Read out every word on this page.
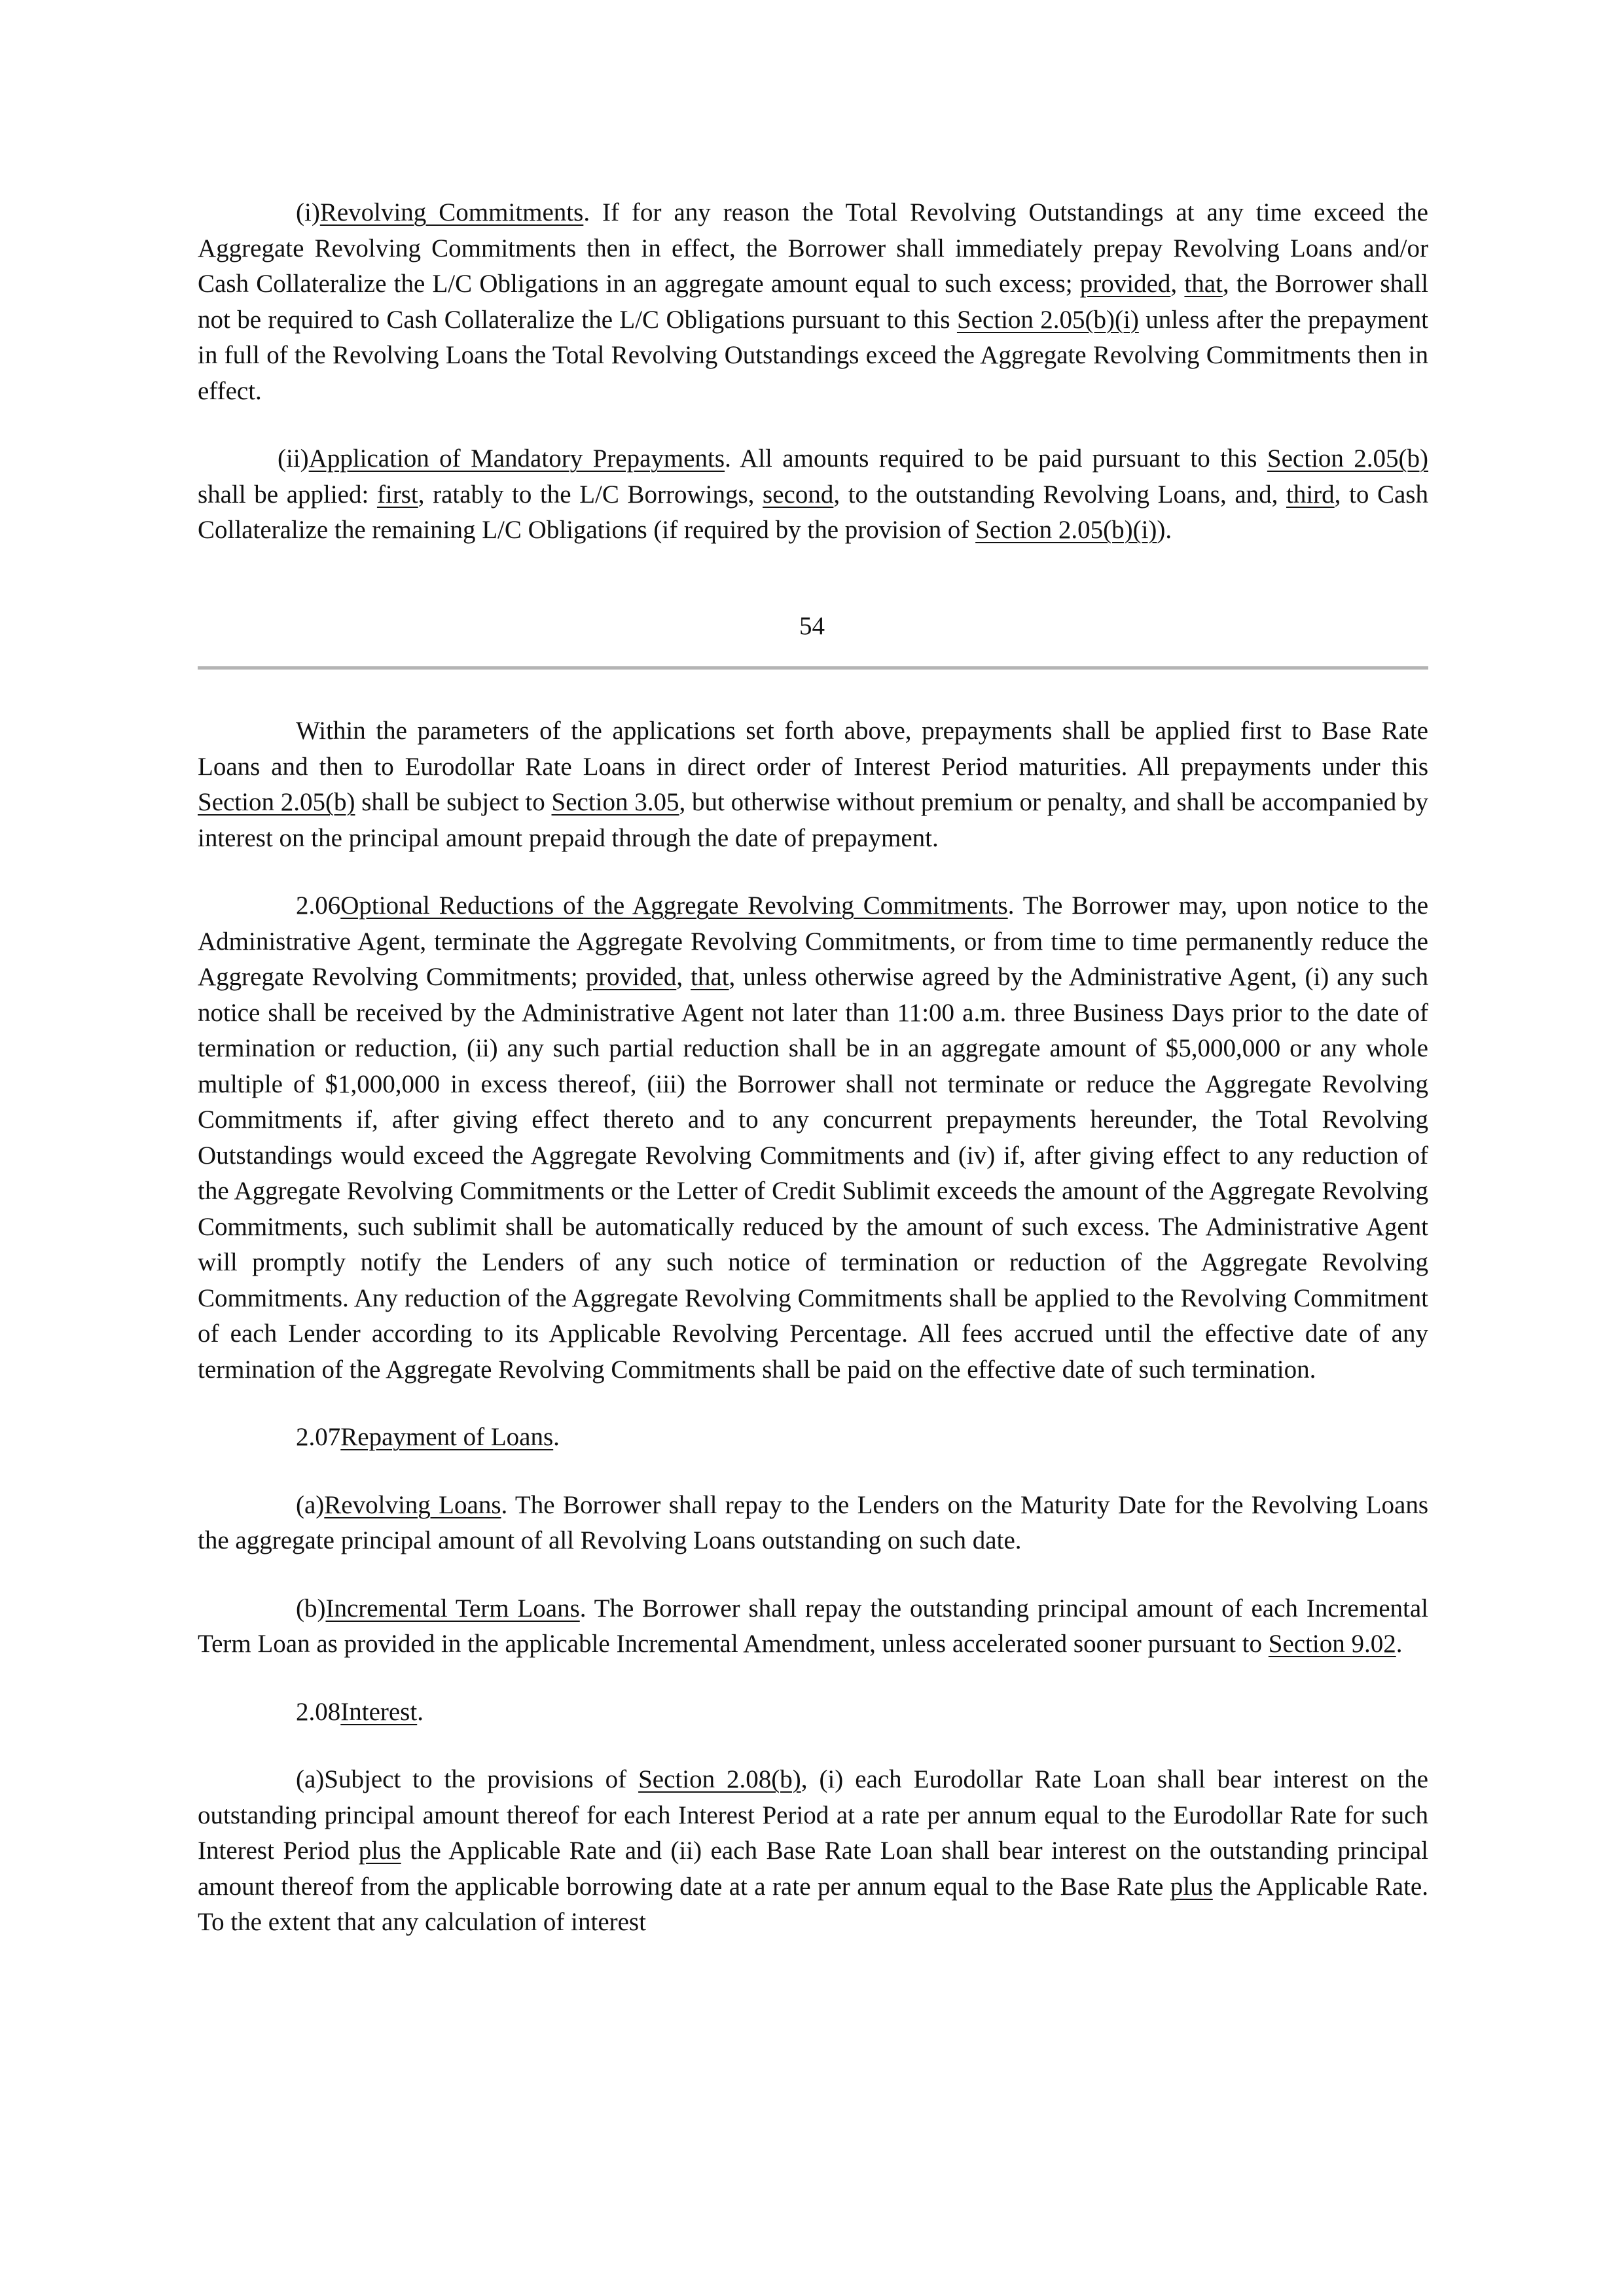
(i)Revolving Commitments. If for any reason the Total Revolving Outstandings at any time exceed the Aggregate Revolving Commitments then in effect, the Borrower shall immediately prepay Revolving Loans and/or Cash Collateralize the L/C Obligations in an aggregate amount equal to such excess; provided, that, the Borrower shall not be required to Cash Collateralize the L/C Obligations pursuant to this Section 2.05(b)(i) unless after the prepayment in full of the Revolving Loans the Total Revolving Outstandings exceed the Aggregate Revolving Commitments then in effect.

(ii)Application of Mandatory Prepayments. All amounts required to be paid pursuant to this Section 2.05(b) shall be applied: first, ratably to the L/C Borrowings, second, to the outstanding Revolving Loans, and, third, to Cash Collateralize the remaining L/C Obligations (if required by the provision of Section 2.05(b)(i)).

54

Within the parameters of the applications set forth above, prepayments shall be applied first to Base Rate Loans and then to Eurodollar Rate Loans in direct order of Interest Period maturities. All prepayments under this Section 2.05(b) shall be subject to Section 3.05, but otherwise without premium or penalty, and shall be accompanied by interest on the principal amount prepaid through the date of prepayment.

2.06Optional Reductions of the Aggregate Revolving Commitments. The Borrower may, upon notice to the Administrative Agent, terminate the Aggregate Revolving Commitments, or from time to time permanently reduce the Aggregate Revolving Commitments; provided, that, unless otherwise agreed by the Administrative Agent, (i) any such notice shall be received by the Administrative Agent not later than 11:00 a.m. three Business Days prior to the date of termination or reduction, (ii) any such partial reduction shall be in an aggregate amount of $5,000,000 or any whole multiple of $1,000,000 in excess thereof, (iii) the Borrower shall not terminate or reduce the Aggregate Revolving Commitments if, after giving effect thereto and to any concurrent prepayments hereunder, the Total Revolving Outstandings would exceed the Aggregate Revolving Commitments and (iv) if, after giving effect to any reduction of the Aggregate Revolving Commitments or the Letter of Credit Sublimit exceeds the amount of the Aggregate Revolving Commitments, such sublimit shall be automatically reduced by the amount of such excess. The Administrative Agent will promptly notify the Lenders of any such notice of termination or reduction of the Aggregate Revolving Commitments. Any reduction of the Aggregate Revolving Commitments shall be applied to the Revolving Commitment of each Lender according to its Applicable Revolving Percentage. All fees accrued until the effective date of any termination of the Aggregate Revolving Commitments shall be paid on the effective date of such termination.

2.07Repayment of Loans.

(a)Revolving Loans. The Borrower shall repay to the Lenders on the Maturity Date for the Revolving Loans the aggregate principal amount of all Revolving Loans outstanding on such date.

(b)Incremental Term Loans. The Borrower shall repay the outstanding principal amount of each Incremental Term Loan as provided in the applicable Incremental Amendment, unless accelerated sooner pursuant to Section 9.02.

2.08Interest.

(a)Subject to the provisions of Section 2.08(b), (i) each Eurodollar Rate Loan shall bear interest on the outstanding principal amount thereof for each Interest Period at a rate per annum equal to the Eurodollar Rate for such Interest Period plus the Applicable Rate and (ii) each Base Rate Loan shall bear interest on the outstanding principal amount thereof from the applicable borrowing date at a rate per annum equal to the Base Rate plus the Applicable Rate. To the extent that any calculation of interest
